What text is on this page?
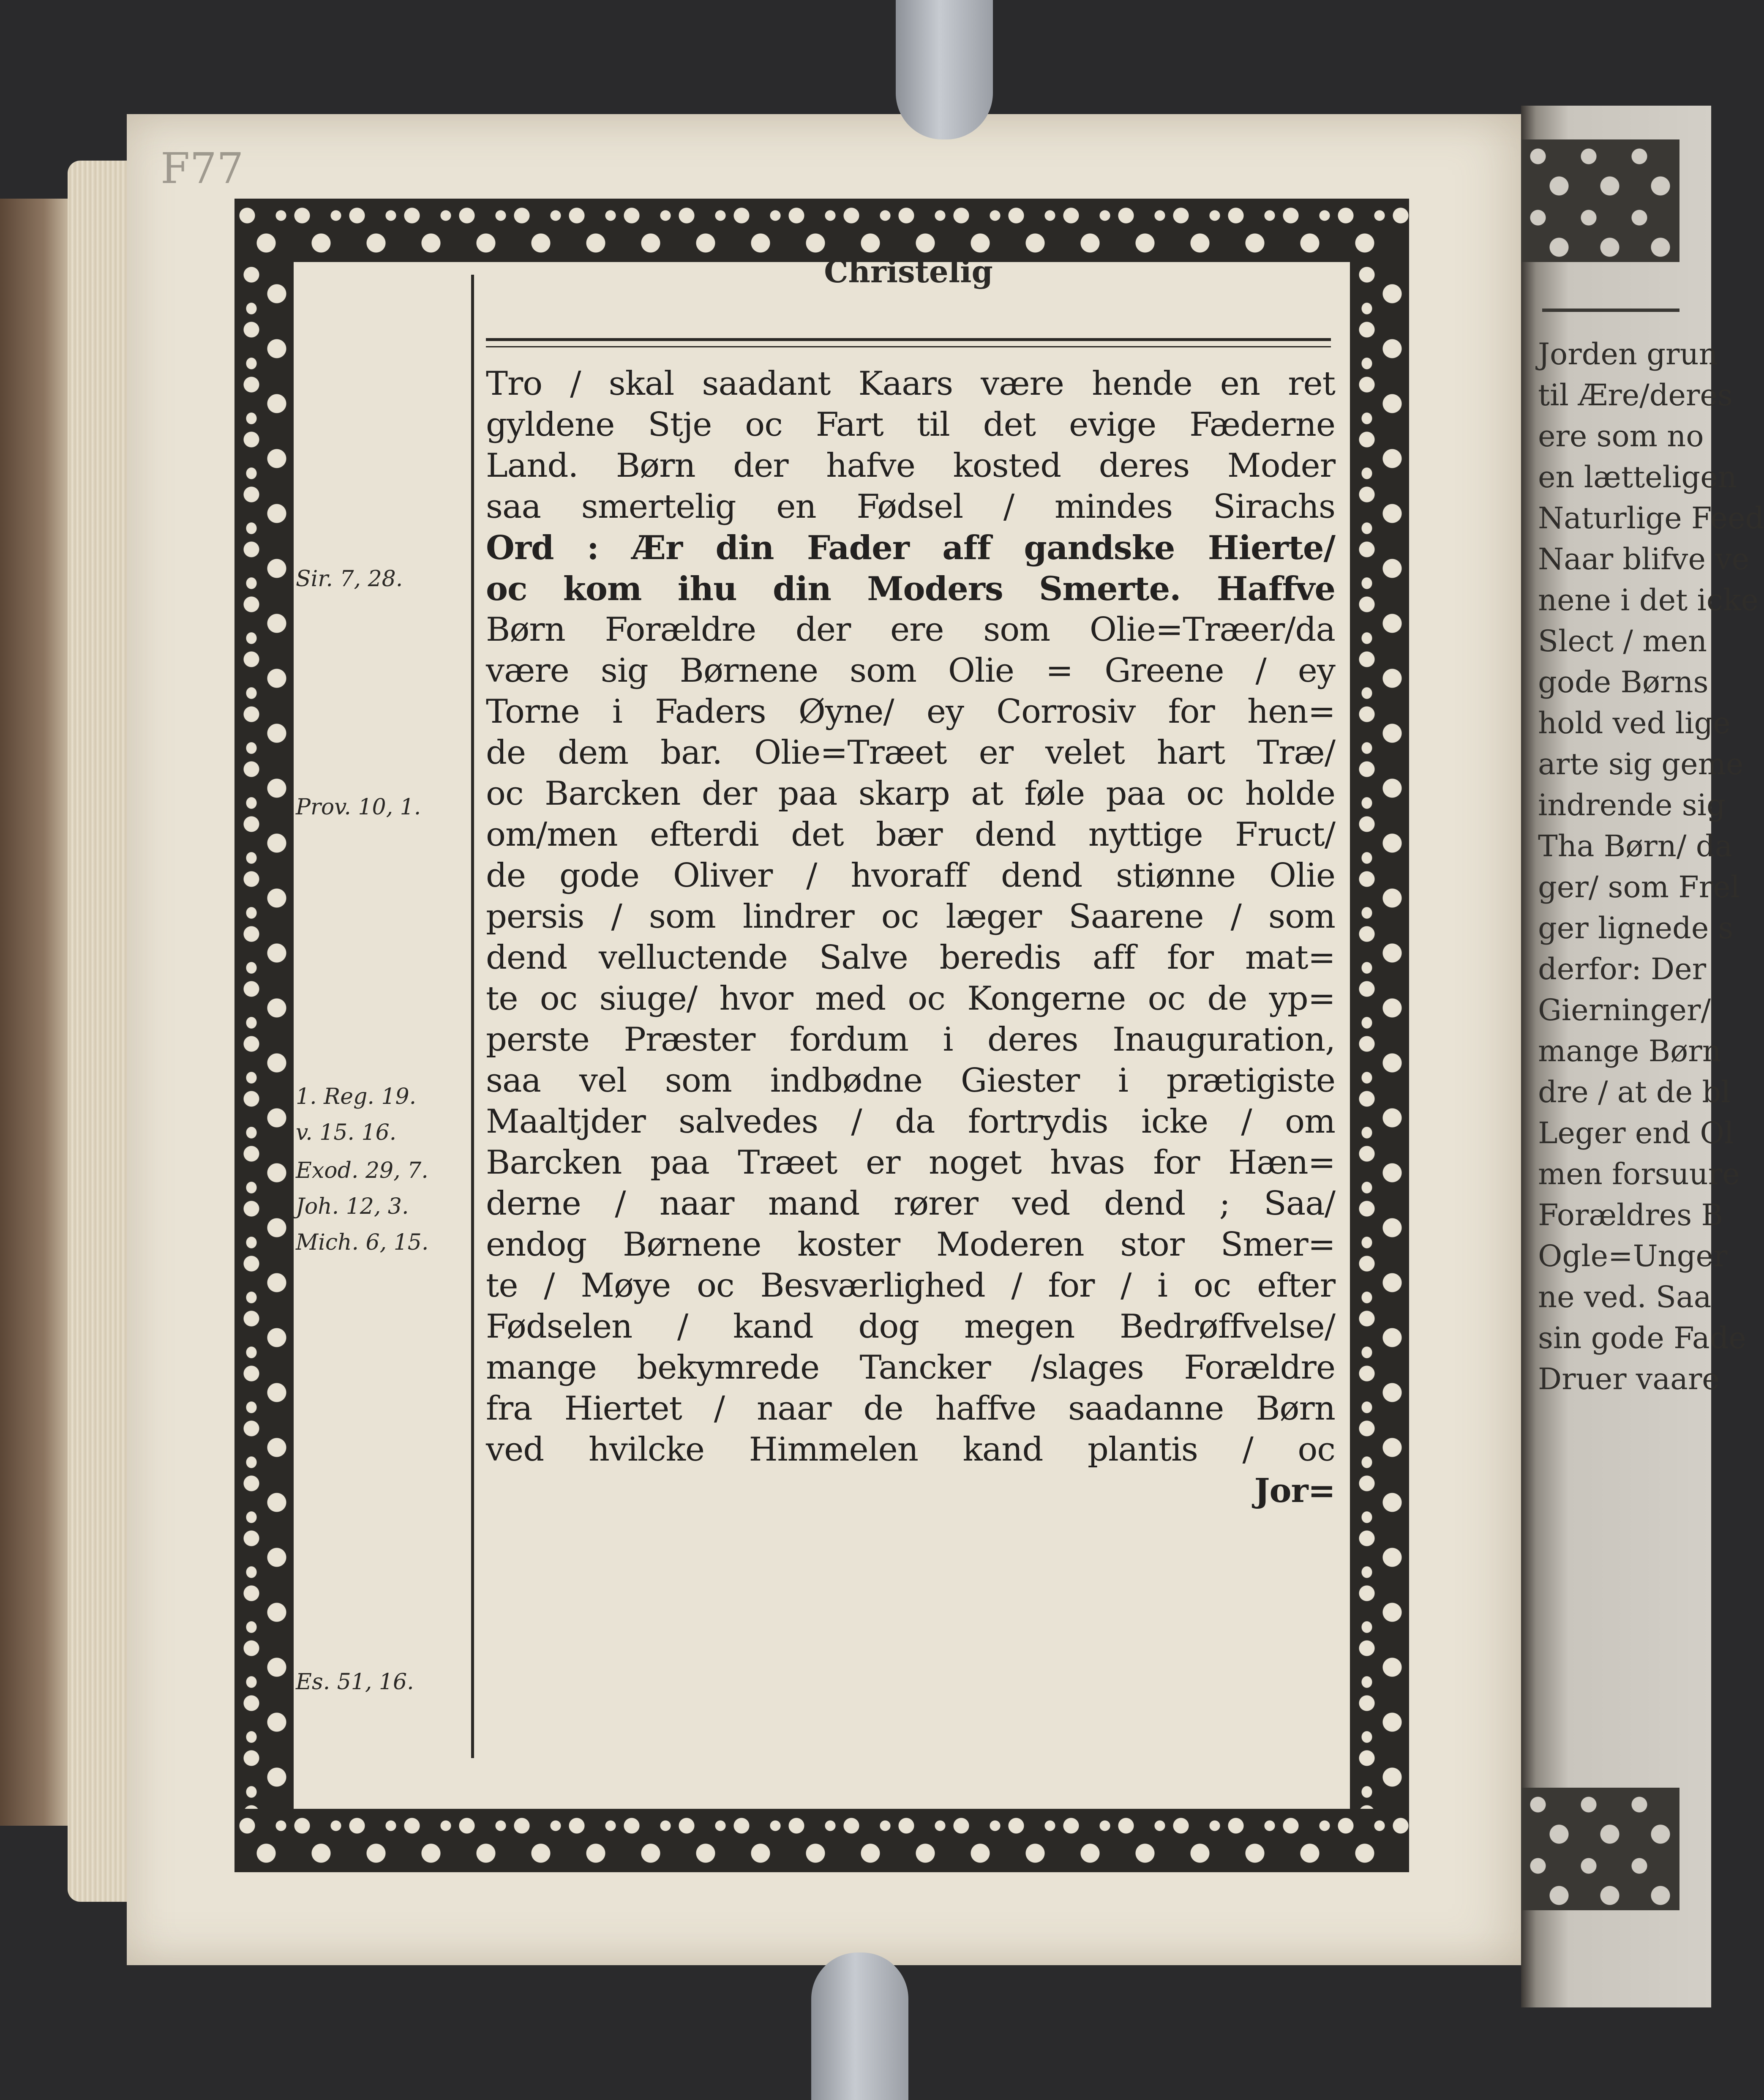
F77
Christelig
Tro / skal saadant Kaars være hende en ret
gyldene Stje oc Fart til det evige Fæderne
Land. Børn der hafve kosted deres Moder
saa smertelig en Fødsel / mindes Sirachs
Ord : Ær din Fader aff gandske Hierte/
oc kom ihu din Moders Smerte. Haffve
Børn Forældre der ere som Olie=Træer/da
være sig Børnene som Olie = Greene / ey
Torne i Faders Øyne/ ey Corrosiv for hen=
de dem bar. Olie=Træet er velet hart Træ/
oc Barcken der paa skarp at føle paa oc holde
om/men efterdi det bær dend nyttige Fruct/
de gode Oliver / hvoraff dend stiønne Olie
persis / som lindrer oc læger Saarene / som
dend velluctende Salve beredis aff for mat=
te oc siuge/ hvor med oc Kongerne oc de yp=
perste Præster fordum i deres Inauguration,
saa vel som indbødne Giester i prætigiste
Maaltjder salvedes / da fortrydis icke / om
Barcken paa Træet er noget hvas for Hæn=
derne / naar mand rører ved dend ; Saa/
endog Børnene koster Moderen stor Smer=
te / Møye oc Besværlighed / for / i oc efter
Fødselen / kand dog megen Bedrøffvelse/
mange bekymrede Tancker /slages Forældre
fra Hiertet / naar de haffve saadanne Børn
ved hvilcke Himmelen kand plantis / oc
Jor=
Sir. 7, 28.
Prov. 10, 1.
1. Reg. 19.
v. 15. 16.
Exod. 29, 7.
Joh. 12, 3.
Mich. 6, 15.
Es. 51, 16.
Jorden grun
til Ære/deres
ere som no
en lætteligen
Naturlige Feed
Naar blifve ve
nene i det icke
Slect / men
gode Børns
hold ved lige
arte sig geme
indrende sig
Tha Børn/ da
ger/ som Frel
ger lignede s
derfor: Der
Gierninger/
mange Børn
dre / at de bl
Leger end Ol
men forsuure
Forældres B
Ogle=Unger
ne ved. Saa
sin gode Fade
Druer vaare
